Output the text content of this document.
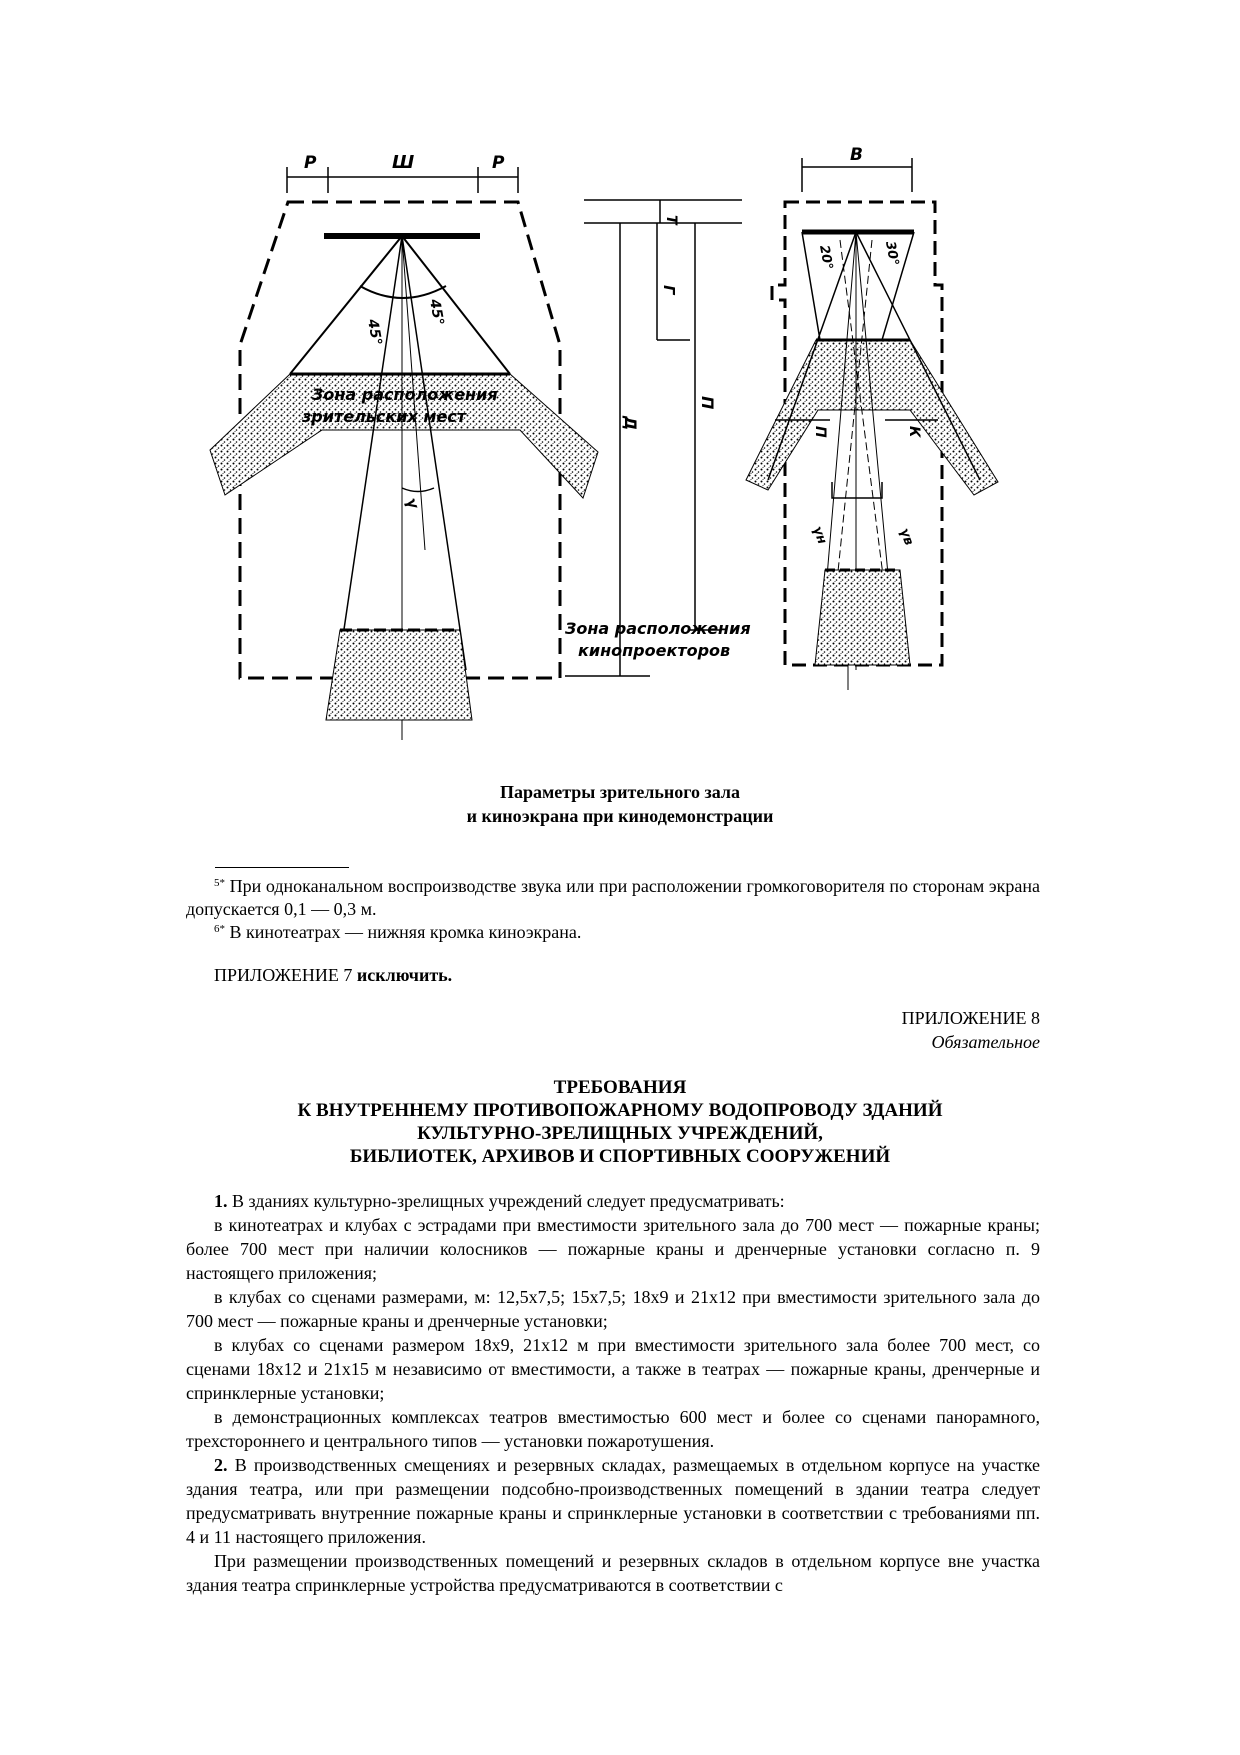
Р	Ш	Р
45°
45°
Зона расположения
зрительских мест
γ
Т
Г
Д
П
Зона расположения
кинопроекторов
В
20°	30°
П	К
γн	γв
Параметры зрительного зала
и киноэкрана при кинодемонстрации
$^{5*}$ При одноканальном воспроизводстве звука или при расположении громкоговорителя по сторонам экрана допускается 0,1 — 0,3 м.
$^{6*}$ В кинотеатрах — нижняя кромка киноэкрана.
ПРИЛОЖЕНИЕ 7 исключить.
ПРИЛОЖЕНИЕ 8
Обязательное
ТРЕБОВАНИЯ
К ВНУТРЕННЕМУ ПРОТИВОПОЖАРНОМУ ВОДОПРОВОДУ ЗДАНИЙ
КУЛЬТУРНО-ЗРЕЛИЩНЫХ УЧРЕЖДЕНИЙ,
БИБЛИОТЕК, АРХИВОВ И СПОРТИВНЫХ СООРУЖЕНИЙ

1. В зданиях культурно-зрелищных учреждений следует предусматривать:

в кинотеатрах и клубах с эстрадами при вместимости зрительного зала до 700 мест — пожарные краны; более 700 мест при наличии колосников — пожарные краны и дренчерные установки согласно п. 9 настоящего приложения;

в клубах со сценами размерами, м: 12,5x7,5; 15x7,5; 18x9 и 21x12 при вместимости зрительного зала до 700 мест — пожарные краны и дренчерные установки;

в клубах со сценами размером 18x9, 21x12 м при вместимости зрительного зала более 700 мест, со сценами 18x12 и 21x15 м независимо от вместимости, а также в театрах — пожарные краны, дренчерные и спринклерные установки;

в демонстрационных комплексах театров вместимостью 600 мест и более со сценами панорамного, трехстороннего и центрального типов — установки пожаротушения.

2. В производственных смещениях и резервных складах, размещаемых в отдельном корпусе на участке здания театра, или при размещении подсобно-производственных помещений в здании театра следует предусматривать внутренние пожарные краны и спринклерные установки в соответствии с требованиями пп. 4 и 11 настоящего приложения.

При размещении производственных помещений и резервных складов в отдельном корпусе вне участка здания театра спринклерные устройства предусматриваются в соответствии с
